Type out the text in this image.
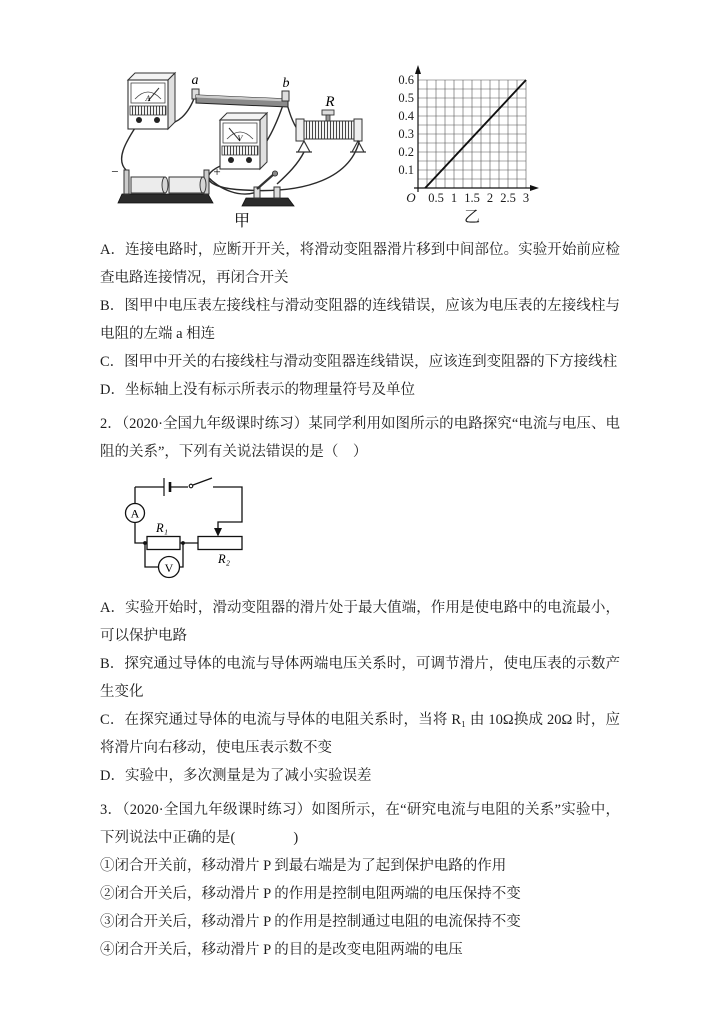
A
a	b
V
R
−	+
甲
0.5 1 1.5 2 2.5 3
0.1
0.2
0.3
0.4
0.5
0.6
O
乙

A．连接电路时，应断开开关，将滑动变阻器滑片移到中间部位。实验开始前应检查电路连接情况，再闭合开关

B．图甲中电压表左接线柱与滑动变阻器的连线错误，应该为电压表的左接线柱与电阻的左端 a 相连

C．图甲中开关的右接线柱与滑动变阻器连线错误，应该连到变阻器的下方接线柱

D．坐标轴上没有标示所表示的物理量符号及单位

2．（2020·全国九年级课时练习）某同学利用如图所示的电路探究“电流与电压、电阻的关系”，下列有关说法错误的是（　）

A
V
R₁
R₂

A．实验开始时，滑动变阻器的滑片处于最大值端，作用是使电路中的电流最小，可以保护电路

B．探究通过导体的电流与导体两端电压关系时，可调节滑片，使电压表的示数产生变化

C．在探究通过导体的电流与导体的电阻关系时，当将 R₁ 由 10Ω换成 20Ω 时，应将滑片向右移动，使电压表示数不变

D．实验中，多次测量是为了减小实验误差

3．（2020·全国九年级课时练习）如图所示，在“研究电流与电阻的关系”实验中，下列说法中正确的是(　　　　)

①闭合开关前，移动滑片 P 到最右端是为了起到保护电路的作用

②闭合开关后，移动滑片 P 的作用是控制电阻两端的电压保持不变

③闭合开关后，移动滑片 P 的作用是控制通过电阻的电流保持不变

④闭合开关后，移动滑片 P 的目的是改变电阻两端的电压
